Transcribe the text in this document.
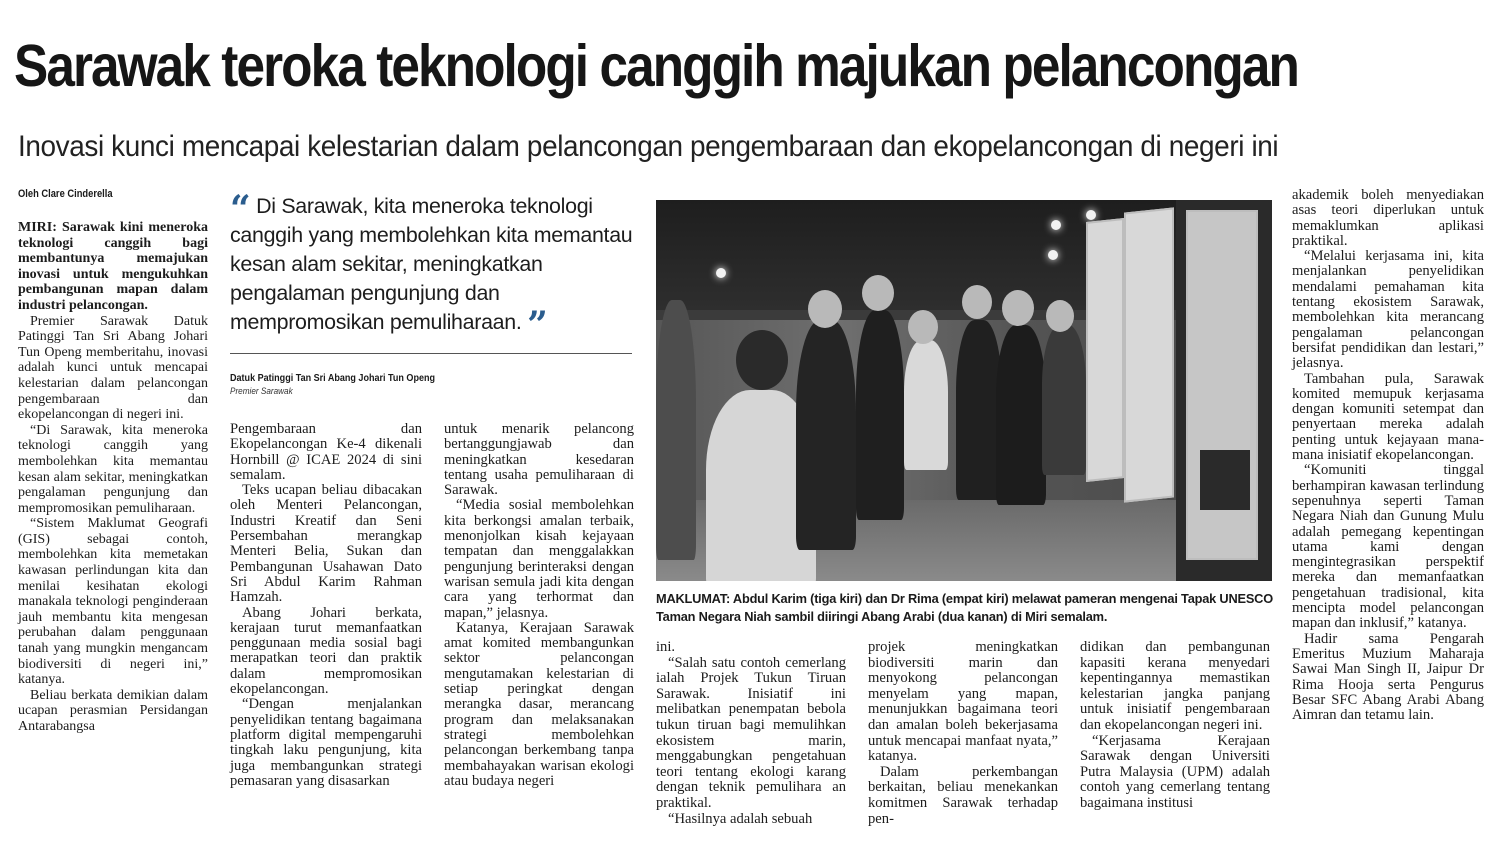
Sarawak teroka teknologi canggih majukan pelancongan
Inovasi kunci mencapai kelestarian dalam pelancongan pengembaraan dan ekopelancongan di negeri ini
Oleh Clare Cinderella

MIRI: Sarawak kini meneroka teknologi canggih bagi membantunya memajukan inovasi untuk mengukuhkan pembangunan mapan dalam industri pelancongan.

Premier Sarawak Datuk Patinggi Tan Sri Abang Johari Tun Openg memberitahu, inovasi adalah kunci untuk mencapai kelestarian dalam pelancongan pengembaraan dan ekopelancongan di negeri ini.

“Di Sarawak, kita meneroka teknologi canggih yang membolehkan kita memantau kesan alam sekitar, meningkatkan pengalaman pengunjung dan mempromosikan pemuliharaan.

“Sistem Maklumat Geografi (GIS) sebagai contoh, membolehkan kita memetakan kawasan perlindungan kita dan menilai kesihatan ekologi manakala teknologi penginderaan jauh membantu kita mengesan perubahan dalam penggunaan tanah yang mungkin mengancam biodiversiti di negeri ini,” katanya.

Beliau berkata demikian dalam ucapan perasmian Persidangan Antarabangsa

“ Di Sarawak, kita meneroka teknologi canggih yang membolehkan kita memantau kesan alam sekitar, meningkatkan pengalaman pengunjung dan mempromosikan pemuliharaan. ”
Datuk Patinggi Tan Sri Abang Johari Tun Openg
Premier Sarawak

Pengembaraan dan Ekopelancongan Ke-4 dikenali Hornbill @ ICAE 2024 di sini semalam.

Teks ucapan beliau dibacakan oleh Menteri Pelancongan, Industri Kreatif dan Seni Persembahan merangkap Menteri Belia, Sukan dan Pembangunan Usahawan Dato Sri Abdul Karim Rahman Hamzah.

Abang Johari berkata, kerajaan turut memanfaatkan penggunaan media sosial bagi merapatkan teori dan praktik dalam mempromosikan ekopelancongan.

“Dengan menjalankan penyelidikan tentang bagaimana platform digital mempengaruhi tingkah laku pengunjung, kita juga membangunkan strategi pemasaran yang disasarkan

untuk menarik pelancong bertanggungjawab dan meningkatkan kesedaran tentang usaha pemuliharaan di Sarawak.

“Media sosial membolehkan kita berkongsi amalan terbaik, menonjolkan kisah kejayaan tempatan dan menggalakkan pengunjung berinteraksi dengan warisan semula jadi kita dengan cara yang terhormat dan mapan,” jelasnya.

Katanya, Kerajaan Sarawak amat komited membangunkan sektor pelancongan mengutamakan kelestarian di setiap peringkat dengan merangka dasar, merancang program dan melaksanakan strategi membolehkan pelancongan berkembang tanpa membahayakan warisan ekologi atau budaya negeri

MAKLUMAT: Abdul Karim (tiga kiri) dan Dr Rima (empat kiri) melawat pameran mengenai Tapak UNESCO Taman Negara Niah sambil diiringi Abang Arabi (dua kanan) di Miri semalam.

ini.

“Salah satu contoh cemerlang ialah Projek Tukun Tiruan Sarawak. Inisiatif ini melibatkan penempatan bebola tukun tiruan bagi memulihkan ekosistem marin, menggabungkan pengetahuan teori tentang ekologi karang dengan teknik pemulihara an praktikal.

“Hasilnya adalah sebuah

projek meningkatkan biodiversiti marin dan menyokong pelancongan menyelam yang mapan, menunjukkan bagaimana teori dan amalan boleh bekerjasama untuk mencapai manfaat nyata,” katanya.

Dalam perkembangan berkaitan, beliau menekankan komitmen Sarawak terhadap pen-

didikan dan pembangunan kapasiti kerana menyedari kepentingannya memastikan kelestarian jangka panjang untuk inisiatif pengembaraan dan ekopelancongan negeri ini.

“Kerjasama Kerajaan Sarawak dengan Universiti Putra Malaysia (UPM) adalah contoh yang cemerlang tentang bagaimana institusi

akademik boleh menyediakan asas teori diperlukan untuk memaklumkan aplikasi praktikal.

“Melalui kerjasama ini, kita menjalankan penyelidikan mendalami pemahaman kita tentang ekosistem Sarawak, membolehkan kita merancang pengalaman pelancongan bersifat pendidikan dan lestari,” jelasnya.

Tambahan pula, Sarawak komited memupuk kerjasama dengan komuniti setempat dan penyertaan mereka adalah penting untuk kejayaan mana-mana inisiatif ekopelancongan.

“Komuniti tinggal berhampiran kawasan terlindung sepenuhnya seperti Taman Negara Niah dan Gunung Mulu adalah pemegang kepentingan utama kami dengan mengintegrasikan perspektif mereka dan memanfaatkan pengetahuan tradisional, kita mencipta model pelancongan mapan dan inklusif,” katanya.

Hadir sama Pengarah Emeritus Muzium Maharaja Sawai Man Singh II, Jaipur Dr Rima Hooja serta Pengurus Besar SFC Abang Arabi Abang Aimran dan tetamu lain.
